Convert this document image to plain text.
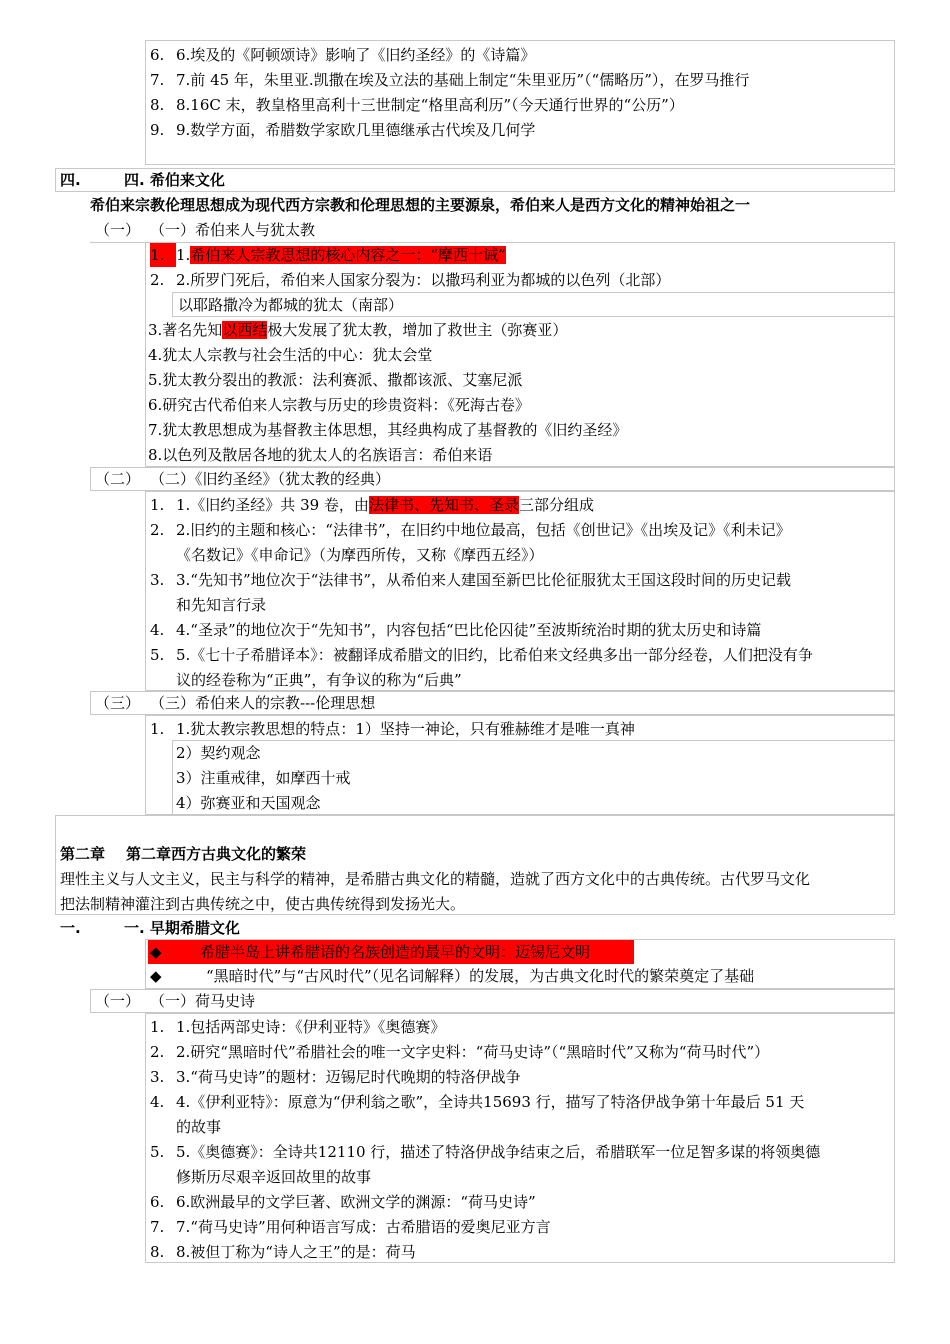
6. 6.埃及的《阿顿颂诗》影响了《旧约圣经》的《诗篇》
7. 7.前 45 年，朱里亚.凯撒在埃及立法的基础上制定“朱里亚历”（“儒略历”），在罗马推行
8. 8.16C 末，教皇格里高利十三世制定“格里高利历”（今天通行世界的“公历”）
9. 9.数学方面，希腊数学家欧几里德继承古代埃及几何学
四.	四. 希伯来文化
希伯来宗教伦理思想成为现代西方宗教和伦理思想的主要源泉，希伯来人是西方文化的精神始祖之一
（一） （一）希伯来人与犹太教
1. 1.希伯来人宗教思想的核心内容之一：“摩西十诫”
2. 2.所罗门死后，希伯来人国家分裂为：以撒玛利亚为都城的以色列（北部）
以耶路撒冷为都城的犹太（南部）
3.著名先知以西结极大发展了犹太教，增加了救世主（弥赛亚）
4.犹太人宗教与社会生活的中心：犹太会堂
5.犹太教分裂出的教派：法利赛派、撒都该派、艾塞尼派
6.研究古代希伯来人宗教与历史的珍贵资料：《死海古卷》
7.犹太教思想成为基督教主体思想，其经典构成了基督教的《旧约圣经》
8.以色列及散居各地的犹太人的名族语言：希伯来语
（二） （二）《旧约圣经》（犹太教的经典）
1. 1.《旧约圣经》共 39 卷，由法律书、先知书、圣录三部分组成
2. 2.旧约的主题和核心：“法律书”，在旧约中地位最高，包括《创世记》《出埃及记》《利未记》
《名数记》《申命记》（为摩西所传，又称《摩西五经》）
3. 3.“先知书”地位次于“法律书”，从希伯来人建国至新巴比伦征服犹太王国这段时间的历史记载
和先知言行录
4. 4.“圣录”的地位次于“先知书”，内容包括“巴比伦囚徒”至波斯统治时期的犹太历史和诗篇
5. 5.《七十子希腊译本》：被翻译成希腊文的旧约，比希伯来文经典多出一部分经卷，人们把没有争
议的经卷称为“正典”，有争议的称为“后典”
（三） （三）希伯来人的宗教---伦理思想
1. 1.犹太教宗教思想的特点：1）坚持一神论，只有雅赫维才是唯一真神
2）契约观念
3）注重戒律，如摩西十戒
4）弥赛亚和天国观念
第二章 第二章西方古典文化的繁荣
理性主义与人文主义，民主与科学的精神，是希腊古典文化的精髓，造就了西方文化中的古典传统。古代罗马文化
把法制精神灌注到古典传统之中，使古典传统得到发扬光大。
一.	一. 早期希腊文化
◆	希腊半岛上讲希腊语的名族创造的最早的文明：迈锡尼文明
◆	“黑暗时代”与“古风时代”（见名词解释）的发展，为古典文化时代的繁荣奠定了基础
（一） （一）荷马史诗
1. 1.包括两部史诗：《伊利亚特》《奥德赛》
2. 2.研究“黑暗时代”希腊社会的唯一文字史料：“荷马史诗”（“黑暗时代”又称为“荷马时代”）
3. 3.“荷马史诗”的题材：迈锡尼时代晚期的特洛伊战争
4. 4.《伊利亚特》：原意为“伊利翁之歌”，全诗共15693 行，描写了特洛伊战争第十年最后 51 天
的故事
5. 5.《奥德赛》：全诗共12110 行，描述了特洛伊战争结束之后，希腊联军一位足智多谋的将领奥德
修斯历尽艰辛返回故里的故事
6. 6.欧洲最早的文学巨著、欧洲文学的渊源：“荷马史诗”
7. 7.“荷马史诗”用何种语言写成：古希腊语的爱奥尼亚方言
8. 8.被但丁称为“诗人之王”的是：荷马
